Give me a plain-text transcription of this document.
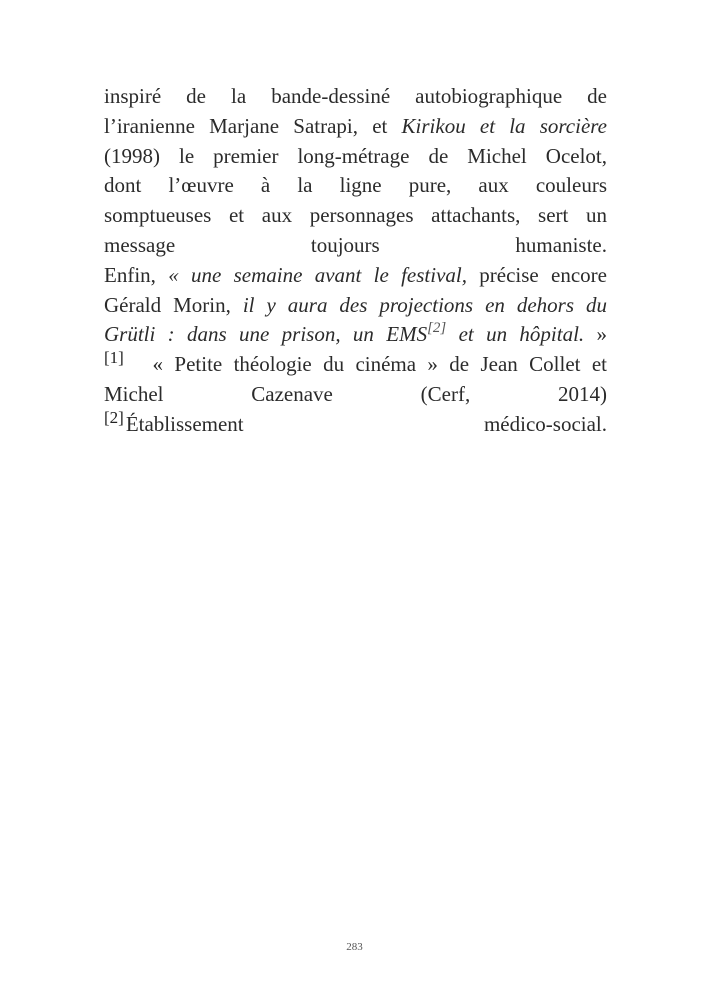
inspiré de la bande-dessiné autobiographique de
l’iranienne Marjane Satrapi, et Kirikou et la sorcière
(1998) le premier long-métrage de Michel Ocelot,
dont l’œuvre à la ligne pure, aux couleurs
somptueuses et aux personnages attachants, sert un
message toujours humaniste.
Enfin, « une semaine avant le festival, précise encore
Gérald Morin, il y aura des projections en dehors du
Grütli : dans une prison, un EMS[2] et un hôpital. »
[1] « Petite théologie du cinéma » de Jean Collet et
Michel Cazenave (Cerf, 2014)
[2]Établissement médico-social.
283
